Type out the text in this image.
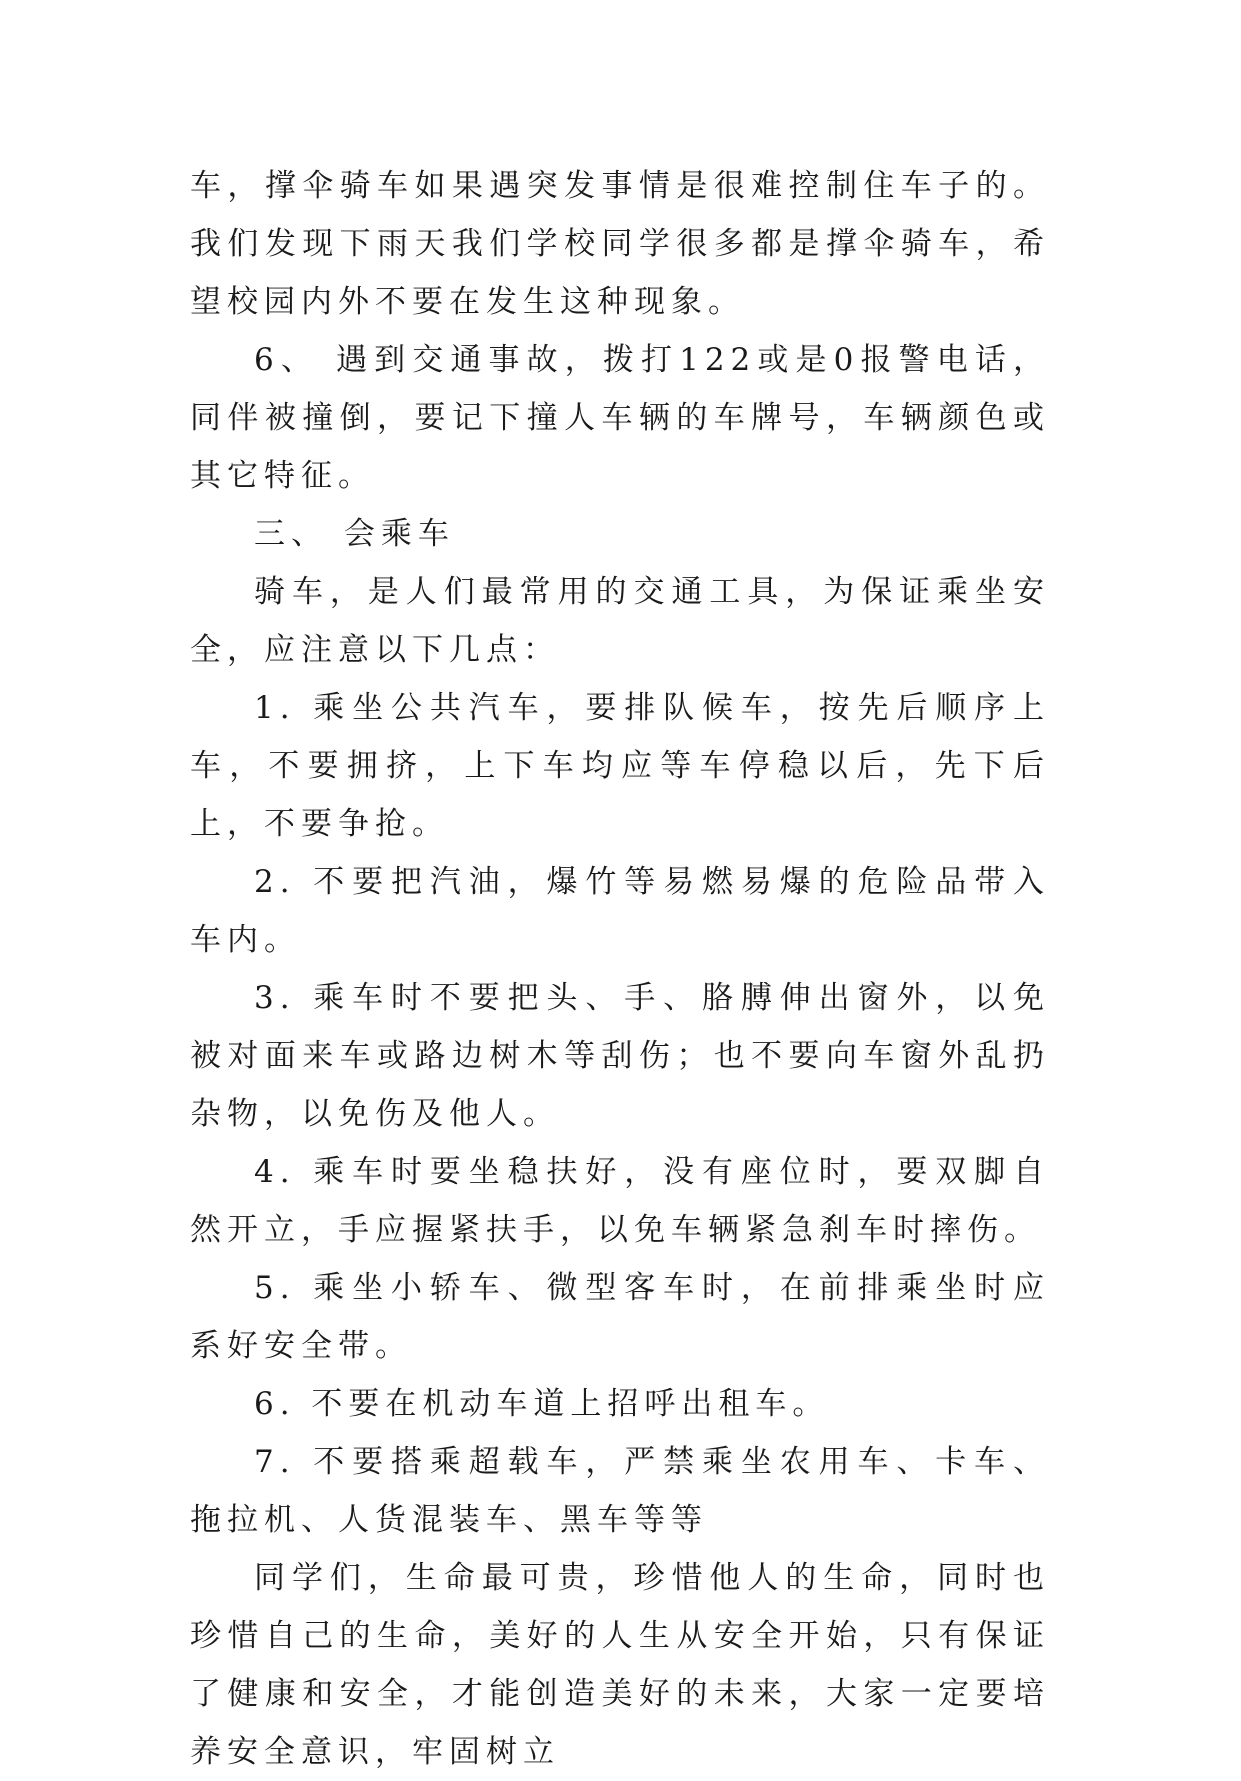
车，撑伞骑车如果遇突发事情是很难控制住车子的。我们发现下雨天我们学校同学很多都是撑伞骑车，希望校园内外不要在发生这种现象。

6、 遇到交通事故，拨打122或是0报警电话，同伴被撞倒，要记下撞人车辆的车牌号，车辆颜色或其它特征。

三、 会乘车

骑车，是人们最常用的交通工具，为保证乘坐安全，应注意以下几点：

1. 乘坐公共汽车，要排队候车，按先后顺序上车，不要拥挤，上下车均应等车停稳以后，先下后上，不要争抢。

2. 不要把汽油，爆竹等易燃易爆的危险品带入车内。

3. 乘车时不要把头、手、胳膊伸出窗外，以免被对面来车或路边树木等刮伤；也不要向车窗外乱扔杂物，以免伤及他人。

4. 乘车时要坐稳扶好，没有座位时，要双脚自然开立，手应握紧扶手，以免车辆紧急刹车时摔伤。

5. 乘坐小轿车、微型客车时，在前排乘坐时应系好安全带。

6. 不要在机动车道上招呼出租车。

7. 不要搭乘超载车，严禁乘坐农用车、卡车、拖拉机、人货混装车、黑车等等

同学们，生命最可贵，珍惜他人的生命，同时也珍惜自己的生命，美好的人生从安全开始，只有保证了健康和安全，才能创造美好的未来，大家一定要培养安全意识，牢固树立
